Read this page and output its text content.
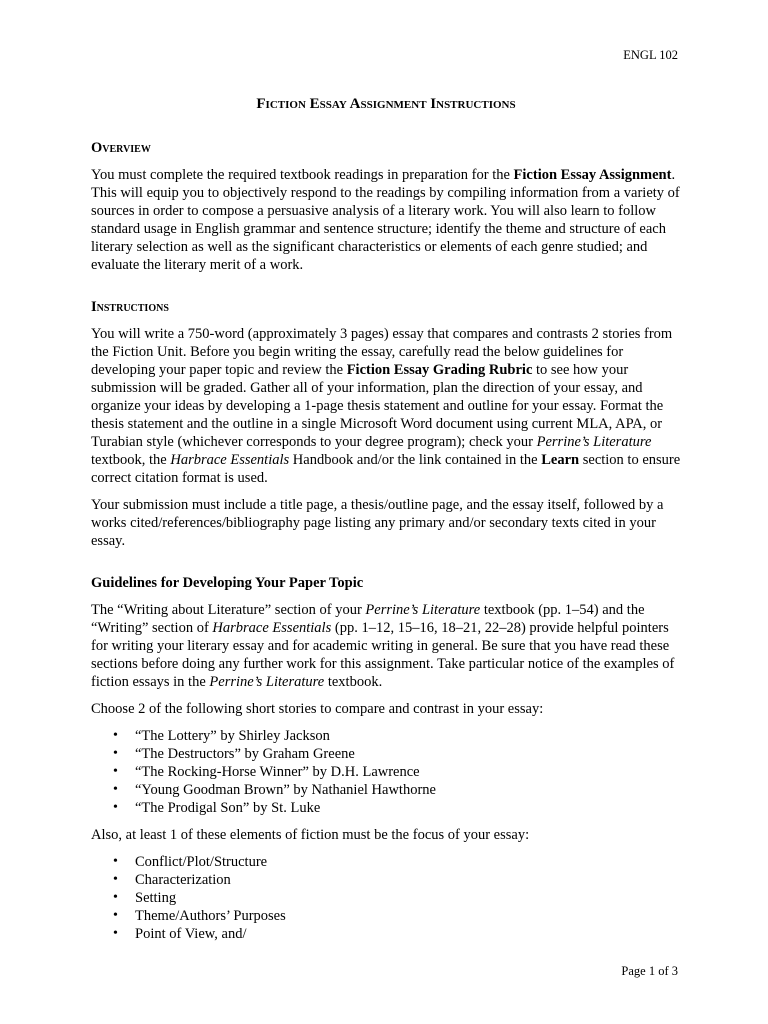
ENGL 102
Fiction Essay Assignment Instructions
Overview

You must complete the required textbook readings in preparation for the Fiction Essay Assignment. This will equip you to objectively respond to the readings by compiling information from a variety of sources in order to compose a persuasive analysis of a literary work. You will also learn to follow standard usage in English grammar and sentence structure; identify the theme and structure of each literary selection as well as the significant characteristics or elements of each genre studied; and evaluate the literary merit of a work.

Instructions

You will write a 750-word (approximately 3 pages) essay that compares and contrasts 2 stories from the Fiction Unit. Before you begin writing the essay, carefully read the below guidelines for developing your paper topic and review the Fiction Essay Grading Rubric to see how your submission will be graded. Gather all of your information, plan the direction of your essay, and organize your ideas by developing a 1-page thesis statement and outline for your essay. Format the thesis statement and the outline in a single Microsoft Word document using current MLA, APA, or Turabian style (whichever corresponds to your degree program); check your Perrine’s Literature textbook, the Harbrace Essentials Handbook and/or the link contained in the Learn section to ensure correct citation format is used.

Your submission must include a title page, a thesis/outline page, and the essay itself, followed by a works cited/references/bibliography page listing any primary and/or secondary texts cited in your essay.

Guidelines for Developing Your Paper Topic

The “Writing about Literature” section of your Perrine’s Literature textbook (pp. 1–54) and the “Writing” section of Harbrace Essentials (pp. 1–12, 15–16, 18–21, 22–28) provide helpful pointers for writing your literary essay and for academic writing in general. Be sure that you have read these sections before doing any further work for this assignment. Take particular notice of the examples of fiction essays in the Perrine’s Literature textbook.

Choose 2 of the following short stories to compare and contrast in your essay:

• “The Lottery” by Shirley Jackson
• “The Destructors” by Graham Greene
• “The Rocking-Horse Winner” by D.H. Lawrence
• “Young Goodman Brown” by Nathaniel Hawthorne
• “The Prodigal Son” by St. Luke

Also, at least 1 of these elements of fiction must be the focus of your essay:

• Conflict/Plot/Structure
• Characterization
• Setting
• Theme/Authors’ Purposes
• Point of View, and/
Page 1 of 3
